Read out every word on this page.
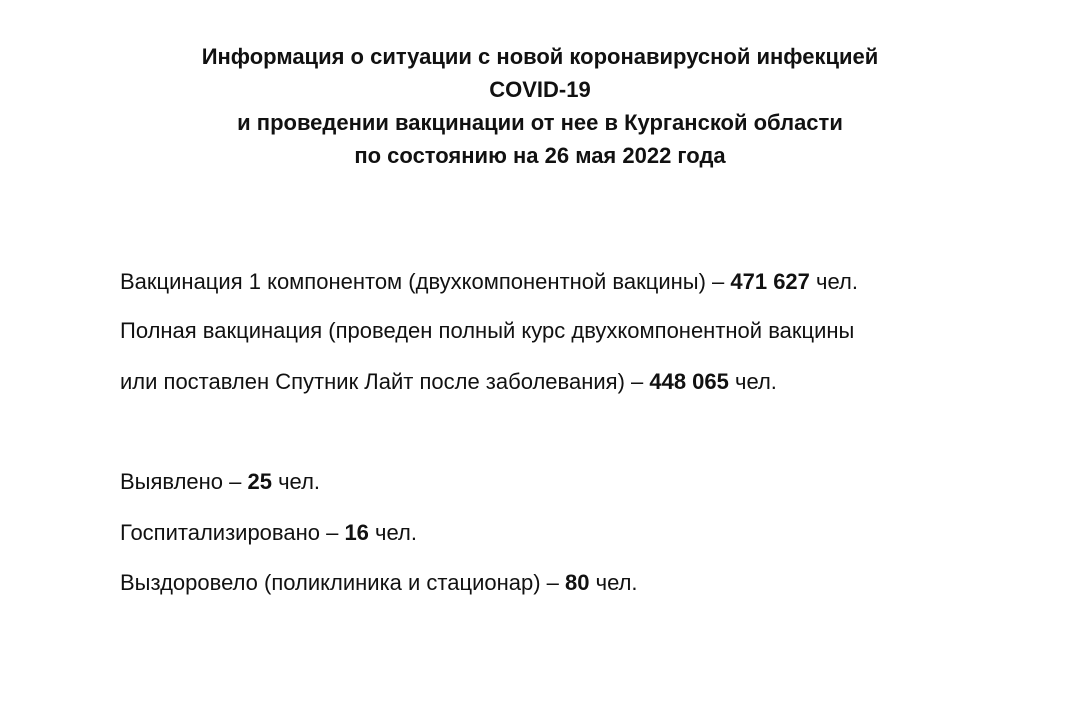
Информация о ситуации с новой коронавирусной инфекцией
COVID-19
и проведении вакцинации от нее в Курганской области
по состоянию на 26 мая 2022 года
Вакцинация 1 компонентом (двухкомпонентной вакцины) – 471 627 чел.
Полная вакцинация (проведен полный курс двухкомпонентной вакцины
или поставлен Спутник Лайт после заболевания) – 448 065 чел.
Выявлено – 25 чел.
Госпитализировано – 16 чел.
Выздоровело (поликлиника и стационар) – 80 чел.
